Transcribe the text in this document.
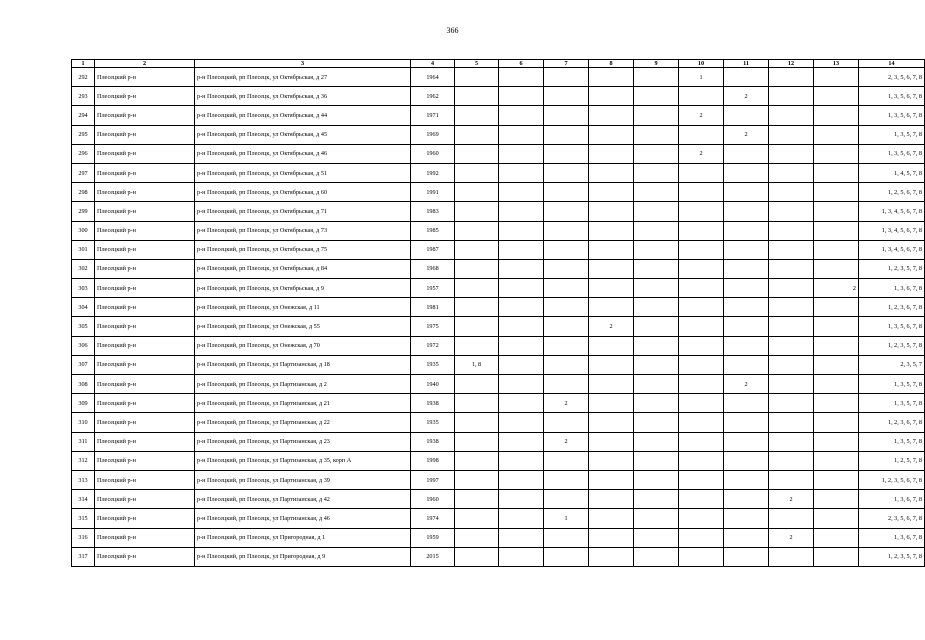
366
1	2	3	4	5	6	7	8	9	10	11	12	13	14
292	Плесецкий р-н	р-н Плесецкий, рп Плесецк, ул Октябрьская, д 27	1964						1				2, 3, 5, 6, 7, 8
293	Плесецкий р-н	р-н Плесецкий, рп Плесецк, ул Октябрьская, д 36	1962							2			1, 3, 5, 6, 7, 8
294	Плесецкий р-н	р-н Плесецкий, рп Плесецк, ул Октябрьская, д 44	1971						2				1, 3, 5, 6, 7, 8
295	Плесецкий р-н	р-н Плесецкий, рп Плесецк, ул Октябрьская, д 45	1969							2			1, 3, 5, 7, 8
296	Плесецкий р-н	р-н Плесецкий, рп Плесецк, ул Октябрьская, д 46	1960						2				1, 3, 5, 6, 7, 8
297	Плесецкий р-н	р-н Плесецкий, рп Плесецк, ул Октябрьская, д 51	1992										1, 4, 5, 7, 8
298	Плесецкий р-н	р-н Плесецкий, рп Плесецк, ул Октябрьская, д 60	1991										1, 2, 5, 6, 7, 8
299	Плесецкий р-н	р-н Плесецкий, рп Плесецк, ул Октябрьская, д 71	1983										1, 3, 4, 5, 6, 7, 8
300	Плесецкий р-н	р-н Плесецкий, рп Плесецк, ул Октябрьская, д 73	1985										1, 3, 4, 5, 6, 7, 8
301	Плесецкий р-н	р-н Плесецкий, рп Плесецк, ул Октябрьская, д 75	1987										1, 3, 4, 5, 6, 7, 8
302	Плесецкий р-н	р-н Плесецкий, рп Плесецк, ул Октябрьская, д 84	1968										1, 2, 3, 5, 7, 8
303	Плесецкий р-н	р-н Плесецкий, рп Плесецк, ул Октябрьская, д 9	1957									2	1, 3, 6, 7, 8
304	Плесецкий р-н	р-н Плесецкий, рп Плесецк, ул Онежская, д 11	1981										1, 2, 3, 6, 7, 8
305	Плесецкий р-н	р-н Плесецкий, рп Плесецк, ул Онежская, д 55	1975				2						1, 3, 5, 6, 7, 8
306	Плесецкий р-н	р-н Плесецкий, рп Плесецк, ул Онежская, д 70	1972										1, 2, 3, 5, 7, 8
307	Плесецкий р-н	р-н Плесецкий, рп Плесецк, ул Партизанская, д 18	1935	1, 8									2, 3, 5, 7
308	Плесецкий р-н	р-н Плесецкий, рп Плесецк, ул Партизанская, д 2	1940							2			1, 3, 5, 7, 8
309	Плесецкий р-н	р-н Плесецкий, рп Плесецк, ул Партизанская, д 21	1938			2							1, 3, 5, 7, 8
310	Плесецкий р-н	р-н Плесецкий, рп Плесецк, ул Партизанская, д 22	1935										1, 2, 3, 6, 7, 8
311	Плесецкий р-н	р-н Плесецкий, рп Плесецк, ул Партизанская, д 23	1938			2							1, 3, 5, 7, 8
312	Плесецкий р-н	р-н Плесецкий, рп Плесецк, ул Партизанская, д 35, корп А	1998										1, 2, 5, 7, 8
313	Плесецкий р-н	р-н Плесецкий, рп Плесецк, ул Партизанская, д 39	1997										1, 2, 3, 5, 6, 7, 8
314	Плесецкий р-н	р-н Плесецкий, рп Плесецк, ул Партизанская, д 42	1960								2		1, 3, 6, 7, 8
315	Плесецкий р-н	р-н Плесецкий, рп Плесецк, ул Партизанская, д 46	1974			1							2, 3, 5, 6, 7, 8
316	Плесецкий р-н	р-н Плесецкий, рп Плесецк, ул Пригородная, д 1	1959								2		1, 3, 6, 7, 8
317	Плесецкий р-н	р-н Плесецкий, рп Плесецк, ул Пригородная, д 9	2015										1, 2, 3, 5, 7, 8
